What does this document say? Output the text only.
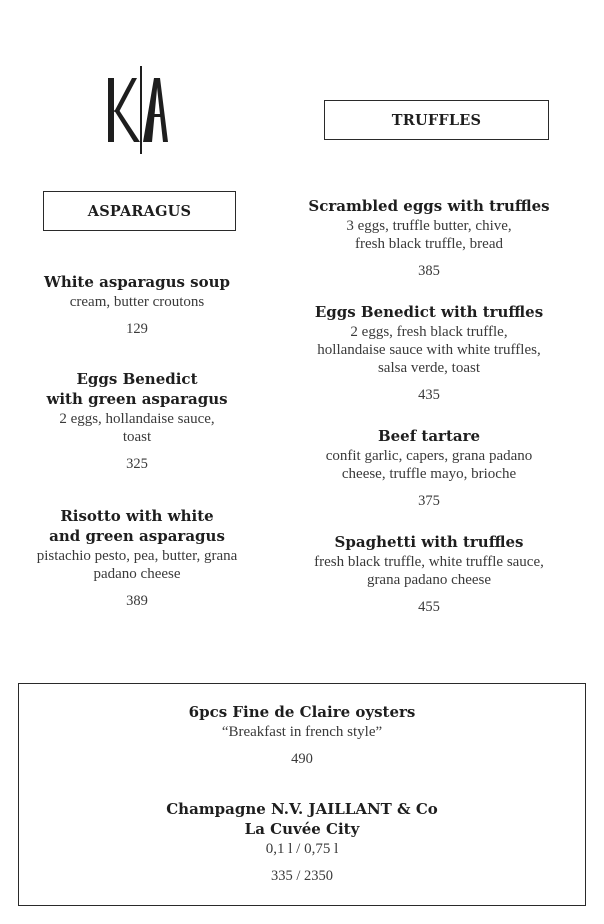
ASPARAGUS
TRUFFLES
White asparagus soup
cream, butter croutons
129
Eggs Benedict
with green asparagus
2 eggs, hollandaise sauce,
toast
325
Risotto with white
and green asparagus
pistachio pesto, pea, butter, grana
padano cheese
389
Scrambled eggs with truffles
3 eggs, truffle butter, chive,
fresh black truffle, bread
385
Eggs Benedict with truffles
2 eggs, fresh black truffle,
hollandaise sauce with white truffles,
salsa verde, toast
435
Beef tartare
confit garlic, capers, grana padano
cheese, truffle mayo, brioche
375
Spaghetti with truffles
fresh black truffle, white truffle sauce,
grana padano cheese
455
6pcs Fine de Claire oysters
“Breakfast in french style”
490
Champagne N.V. JAILLANT & Co
La Cuvée City
0,1 l / 0,75 l
335 / 2350
